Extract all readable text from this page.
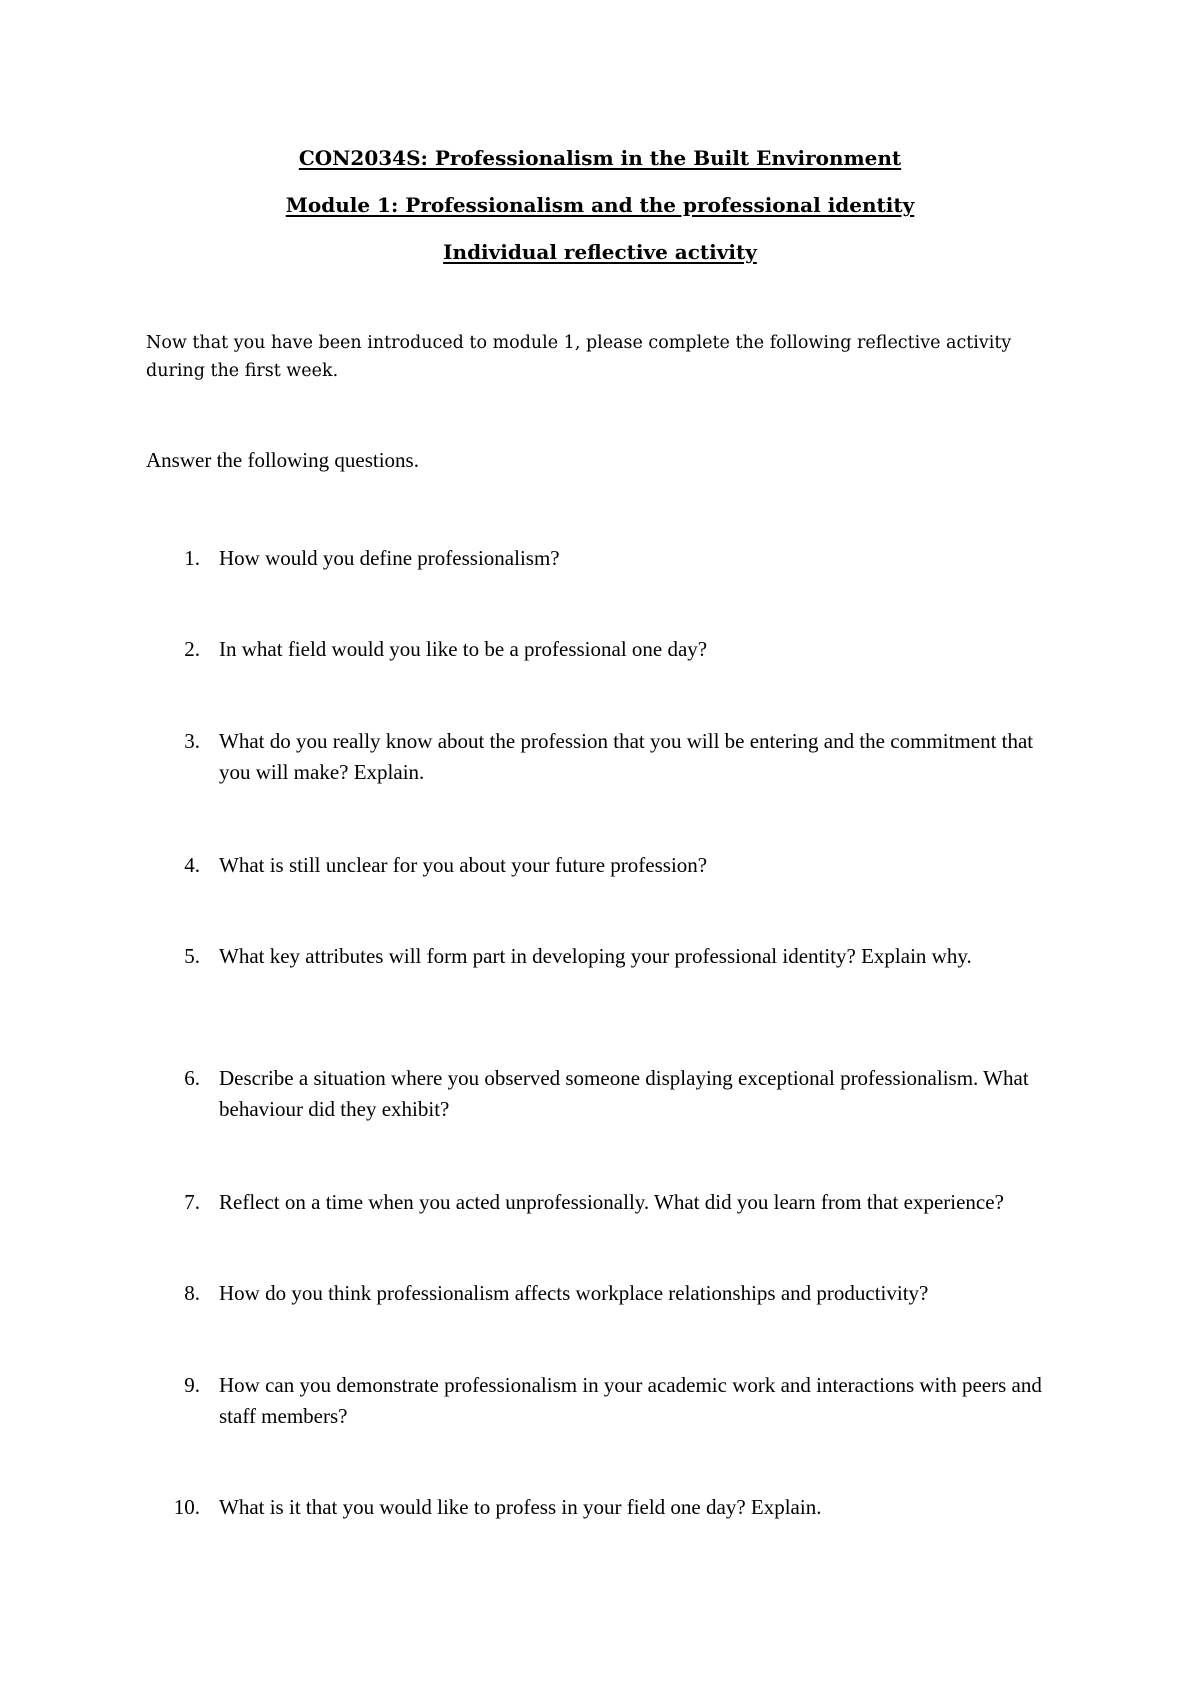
CON2034S: Professionalism in the Built Environment
Module 1: Professionalism and the professional identity
Individual reflective activity

Now that you have been introduced to module 1, please complete the following reflective activity during the first week.

Answer the following questions.

1. How would you define professionalism?
2. In what field would you like to be a professional one day?
3. What do you really know about the profession that you will be entering and the commitment that you will make? Explain.
4. What is still unclear for you about your future profession?
5. What key attributes will form part in developing your professional identity? Explain why.
6. Describe a situation where you observed someone displaying exceptional professionalism. What behaviour did they exhibit?
7. Reflect on a time when you acted unprofessionally. What did you learn from that experience?
8. How do you think professionalism affects workplace relationships and productivity?
9. How can you demonstrate professionalism in your academic work and interactions with peers and staff members?
10. What is it that you would like to profess in your field one day? Explain.
